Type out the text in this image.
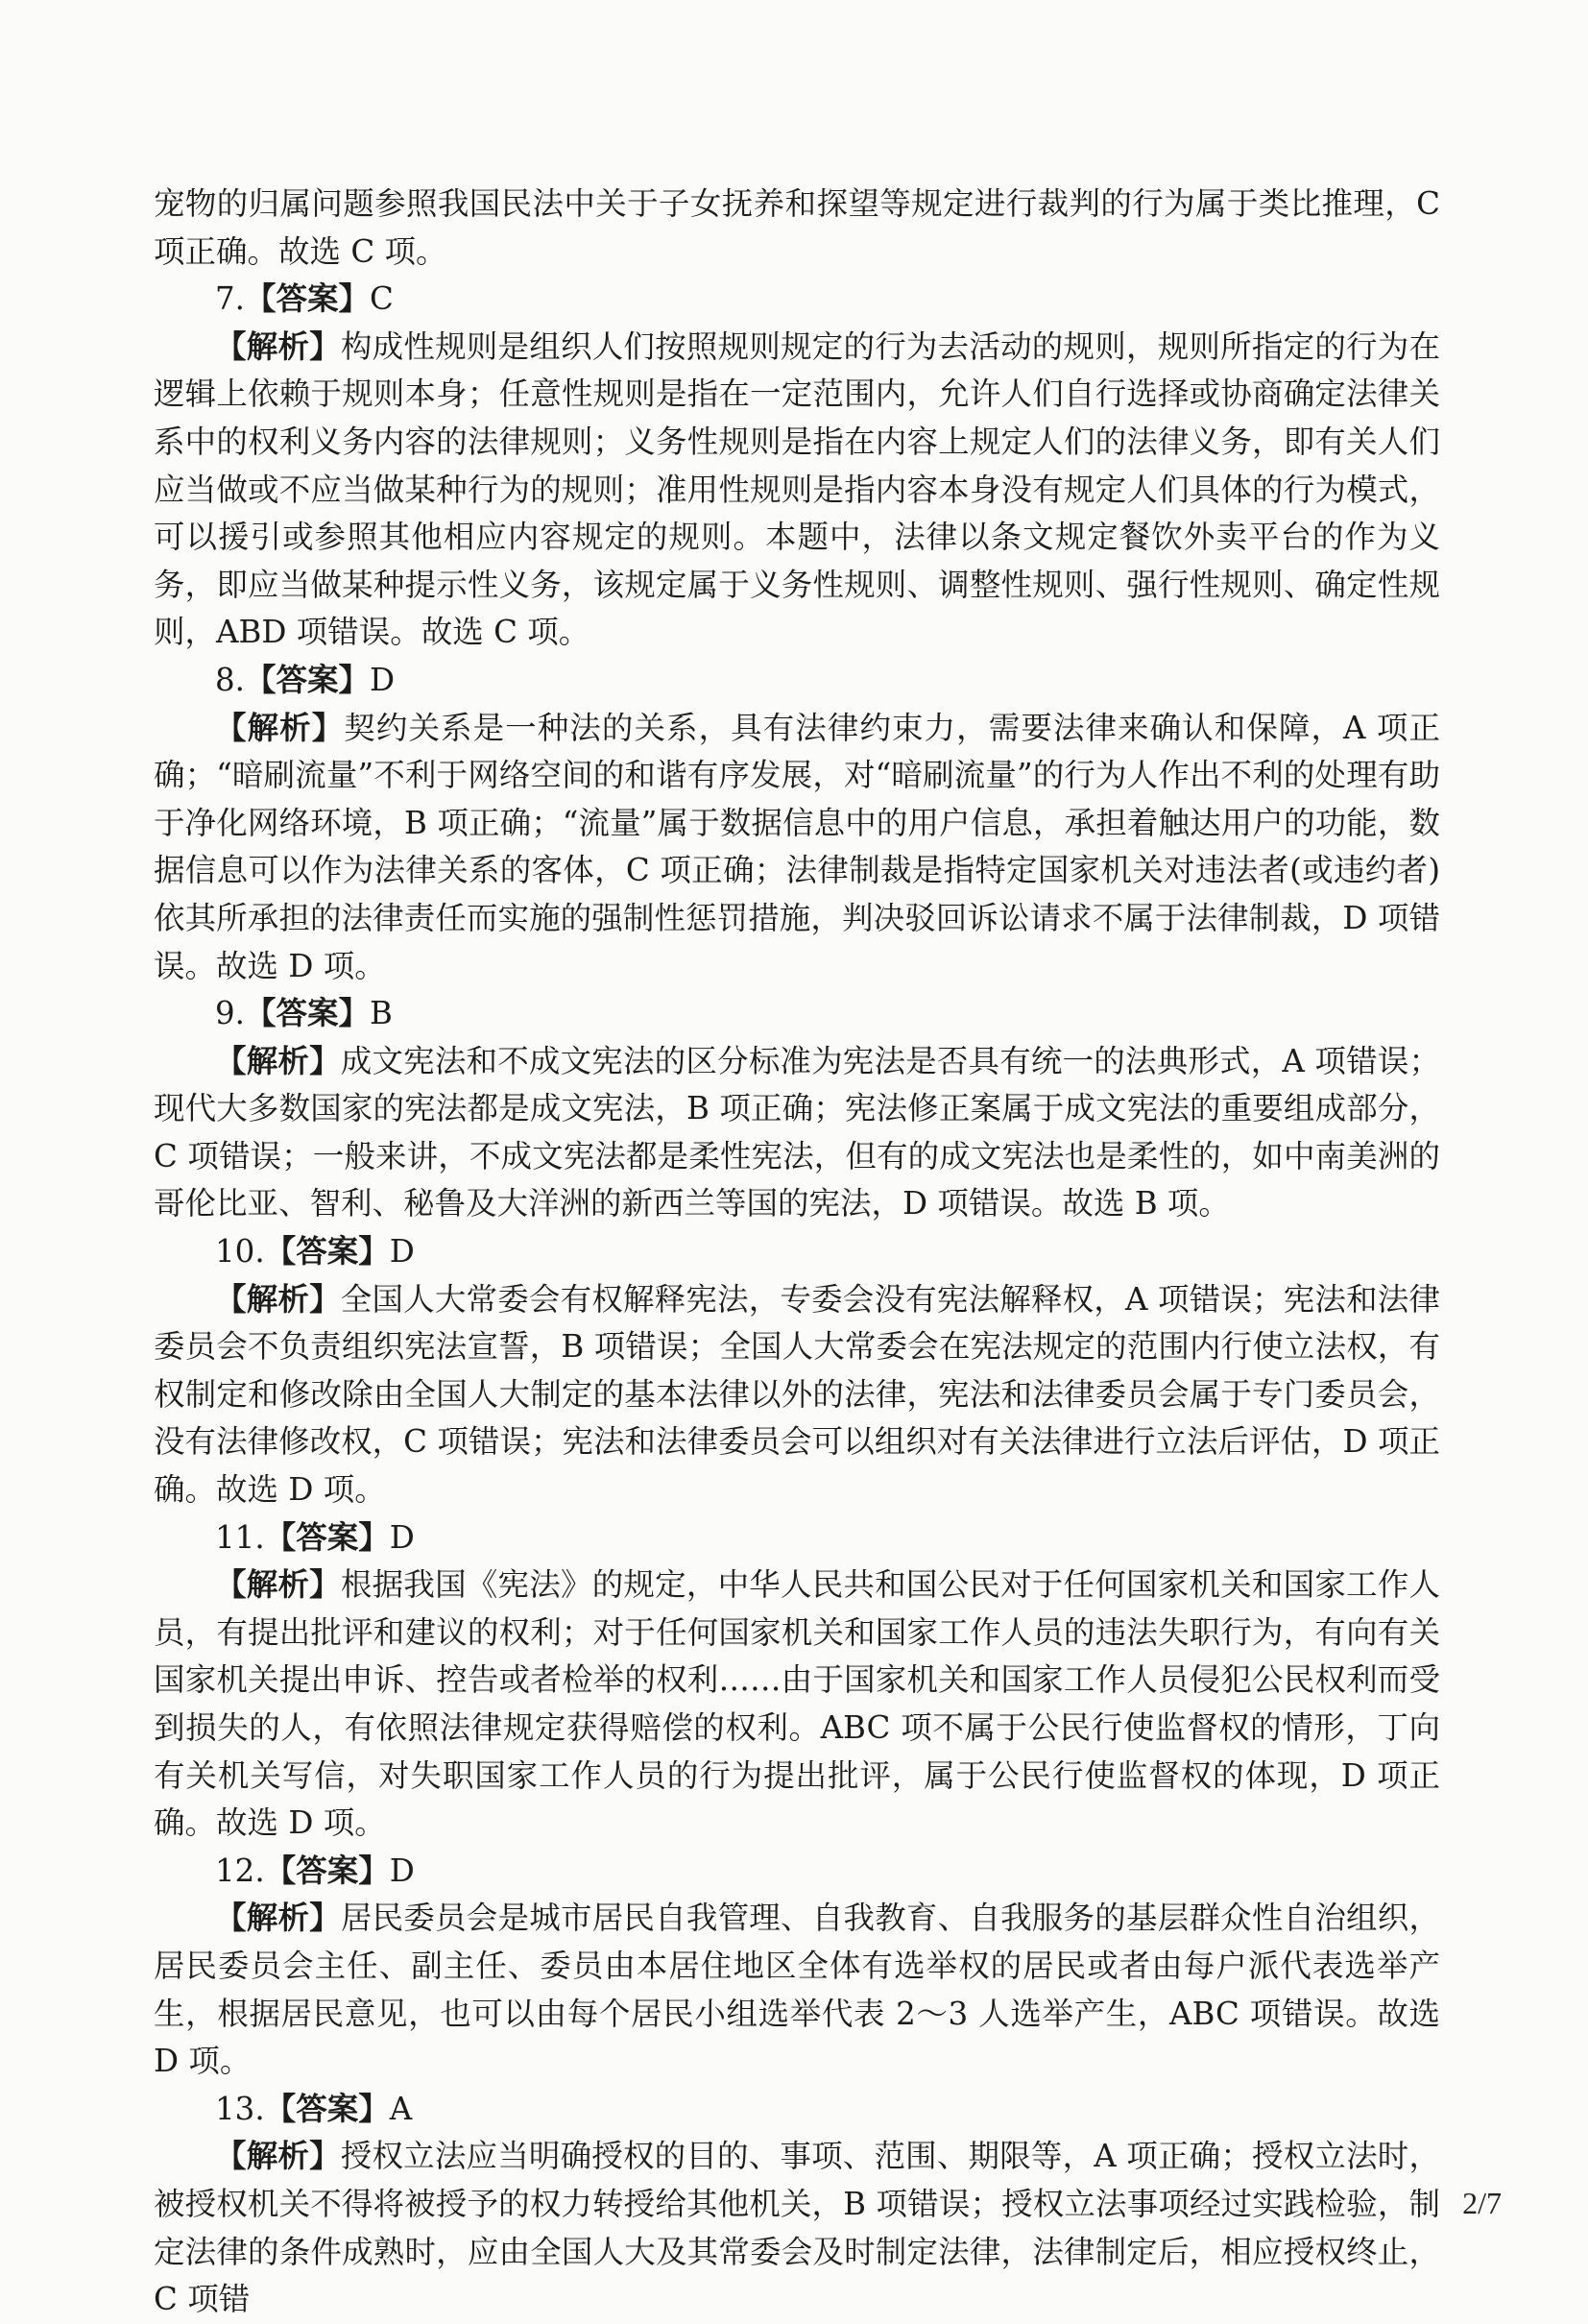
宠物的归属问题参照我国民法中关于子女抚养和探望等规定进行裁判的行为属于类比推理，C 项正确。故选 C 项。

7.【答案】C

【解析】构成性规则是组织人们按照规则规定的行为去活动的规则，规则所指定的行为在逻辑上依赖于规则本身；任意性规则是指在一定范围内，允许人们自行选择或协商确定法律关系中的权利义务内容的法律规则；义务性规则是指在内容上规定人们的法律义务，即有关人们应当做或不应当做某种行为的规则；准用性规则是指内容本身没有规定人们具体的行为模式，可以援引或参照其他相应内容规定的规则。本题中，法律以条文规定餐饮外卖平台的作为义务，即应当做某种提示性义务，该规定属于义务性规则、调整性规则、强行性规则、确定性规则，ABD 项错误。故选 C 项。

8.【答案】D

【解析】契约关系是一种法的关系，具有法律约束力，需要法律来确认和保障，A 项正确；“暗刷流量”不利于网络空间的和谐有序发展，对“暗刷流量”的行为人作出不利的处理有助于净化网络环境，B 项正确；“流量”属于数据信息中的用户信息，承担着触达用户的功能，数据信息可以作为法律关系的客体，C 项正确；法律制裁是指特定国家机关对违法者(或违约者)依其所承担的法律责任而实施的强制性惩罚措施，判决驳回诉讼请求不属于法律制裁，D 项错误。故选 D 项。

9.【答案】B

【解析】成文宪法和不成文宪法的区分标准为宪法是否具有统一的法典形式，A 项错误；现代大多数国家的宪法都是成文宪法，B 项正确；宪法修正案属于成文宪法的重要组成部分，C 项错误；一般来讲，不成文宪法都是柔性宪法，但有的成文宪法也是柔性的，如中南美洲的哥伦比亚、智利、秘鲁及大洋洲的新西兰等国的宪法，D 项错误。故选 B 项。

10.【答案】D

【解析】全国人大常委会有权解释宪法，专委会没有宪法解释权，A 项错误；宪法和法律委员会不负责组织宪法宣誓，B 项错误；全国人大常委会在宪法规定的范围内行使立法权，有权制定和修改除由全国人大制定的基本法律以外的法律，宪法和法律委员会属于专门委员会，没有法律修改权，C 项错误；宪法和法律委员会可以组织对有关法律进行立法后评估，D 项正确。故选 D 项。

11.【答案】D

【解析】根据我国《宪法》的规定，中华人民共和国公民对于任何国家机关和国家工作人员，有提出批评和建议的权利；对于任何国家机关和国家工作人员的违法失职行为，有向有关国家机关提出申诉、控告或者检举的权利……由于国家机关和国家工作人员侵犯公民权利而受到损失的人，有依照法律规定获得赔偿的权利。ABC 项不属于公民行使监督权的情形，丁向有关机关写信，对失职国家工作人员的行为提出批评，属于公民行使监督权的体现，D 项正确。故选 D 项。

12.【答案】D

【解析】居民委员会是城市居民自我管理、自我教育、自我服务的基层群众性自治组织，居民委员会主任、副主任、委员由本居住地区全体有选举权的居民或者由每户派代表选举产生，根据居民意见，也可以由每个居民小组选举代表 2～3 人选举产生，ABC 项错误。故选 D 项。

13.【答案】A

【解析】授权立法应当明确授权的目的、事项、范围、期限等，A 项正确；授权立法时，被授权机关不得将被授予的权力转授给其他机关，B 项错误；授权立法事项经过实践检验，制定法律的条件成熟时，应由全国人大及其常委会及时制定法律，法律制定后，相应授权终止，C 项错

2/7
